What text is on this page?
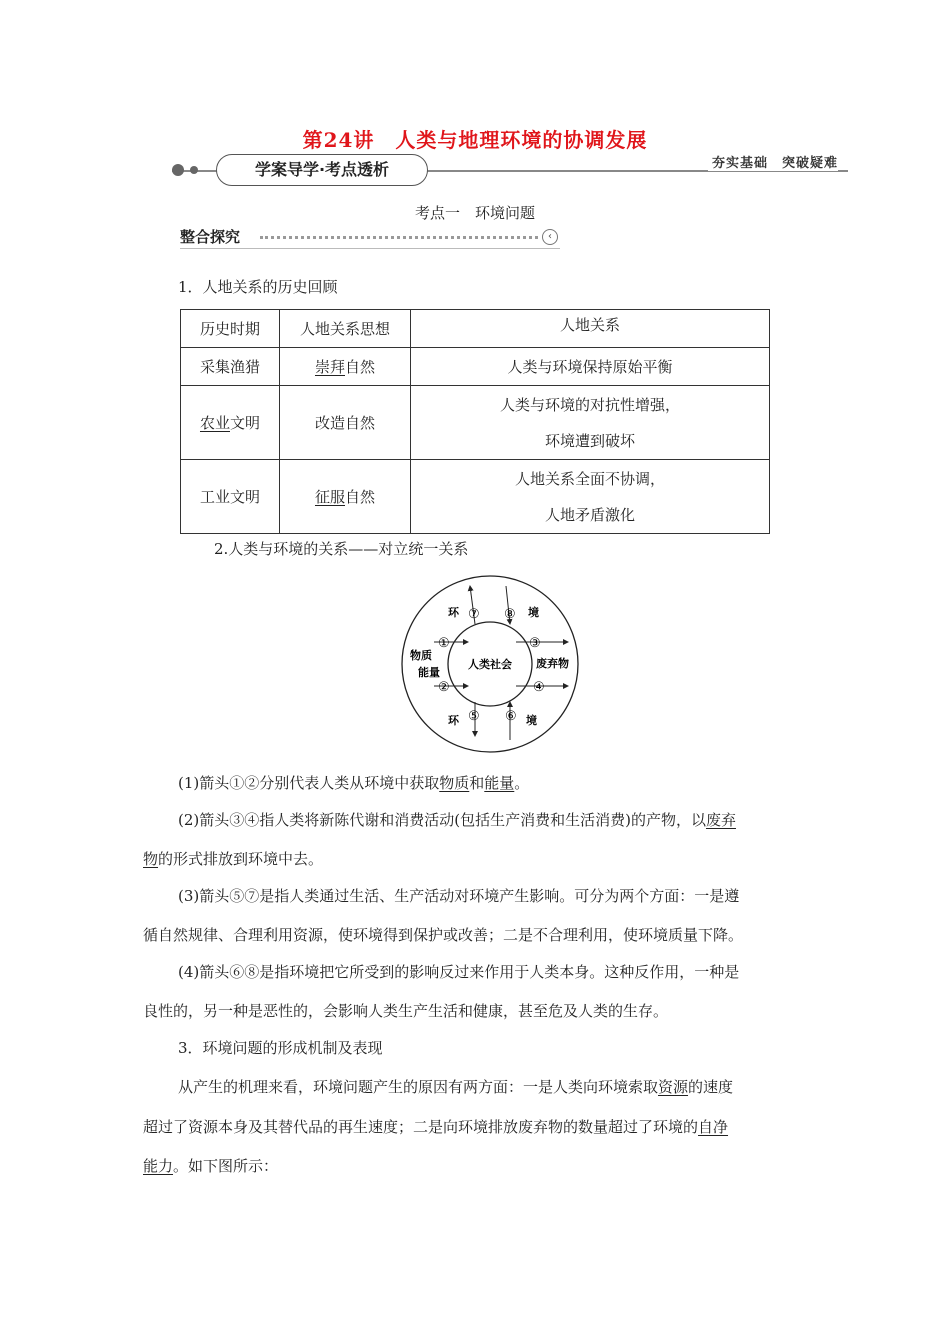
第24讲　人类与地理环境的协调发展
学案导学·考点透析	夯实基础　突破疑难
考点一　环境问题
整合探究	‹
1．人地关系的历史回顾
历史时期	人地关系思想	人地关系
采集渔猎	崇拜自然	人类与环境保持原始平衡
农业文明	改造自然	人类与环境的对抗性增强，
环境遭到破坏

工业文明	征服自然	人地关系全面不协调，
人地矛盾激化
2.人类与环境的关系——对立统一关系
人类社会
环	境
环	境
物质
能量
废弃物
①
②
③
④
⑤ ⑥
⑦ ⑧
(1)箭头①②分别代表人类从环境中获取物质和能量。
(2)箭头③④指人类将新陈代谢和消费活动(包括生产消费和生活消费)的产物，以废弃
物的形式排放到环境中去。
(3)箭头⑤⑦是指人类通过生活、生产活动对环境产生影响。可分为两个方面：一是遵
循自然规律、合理利用资源，使环境得到保护或改善；二是不合理利用，使环境质量下降。
(4)箭头⑥⑧是指环境把它所受到的影响反过来作用于人类本身。这种反作用，一种是
良性的，另一种是恶性的，会影响人类生产生活和健康，甚至危及人类的生存。
3．环境问题的形成机制及表现
从产生的机理来看，环境问题产生的原因有两方面：一是人类向环境索取资源的速度
超过了资源本身及其替代品的再生速度；二是向环境排放废弃物的数量超过了环境的自净
能力。如下图所示：
